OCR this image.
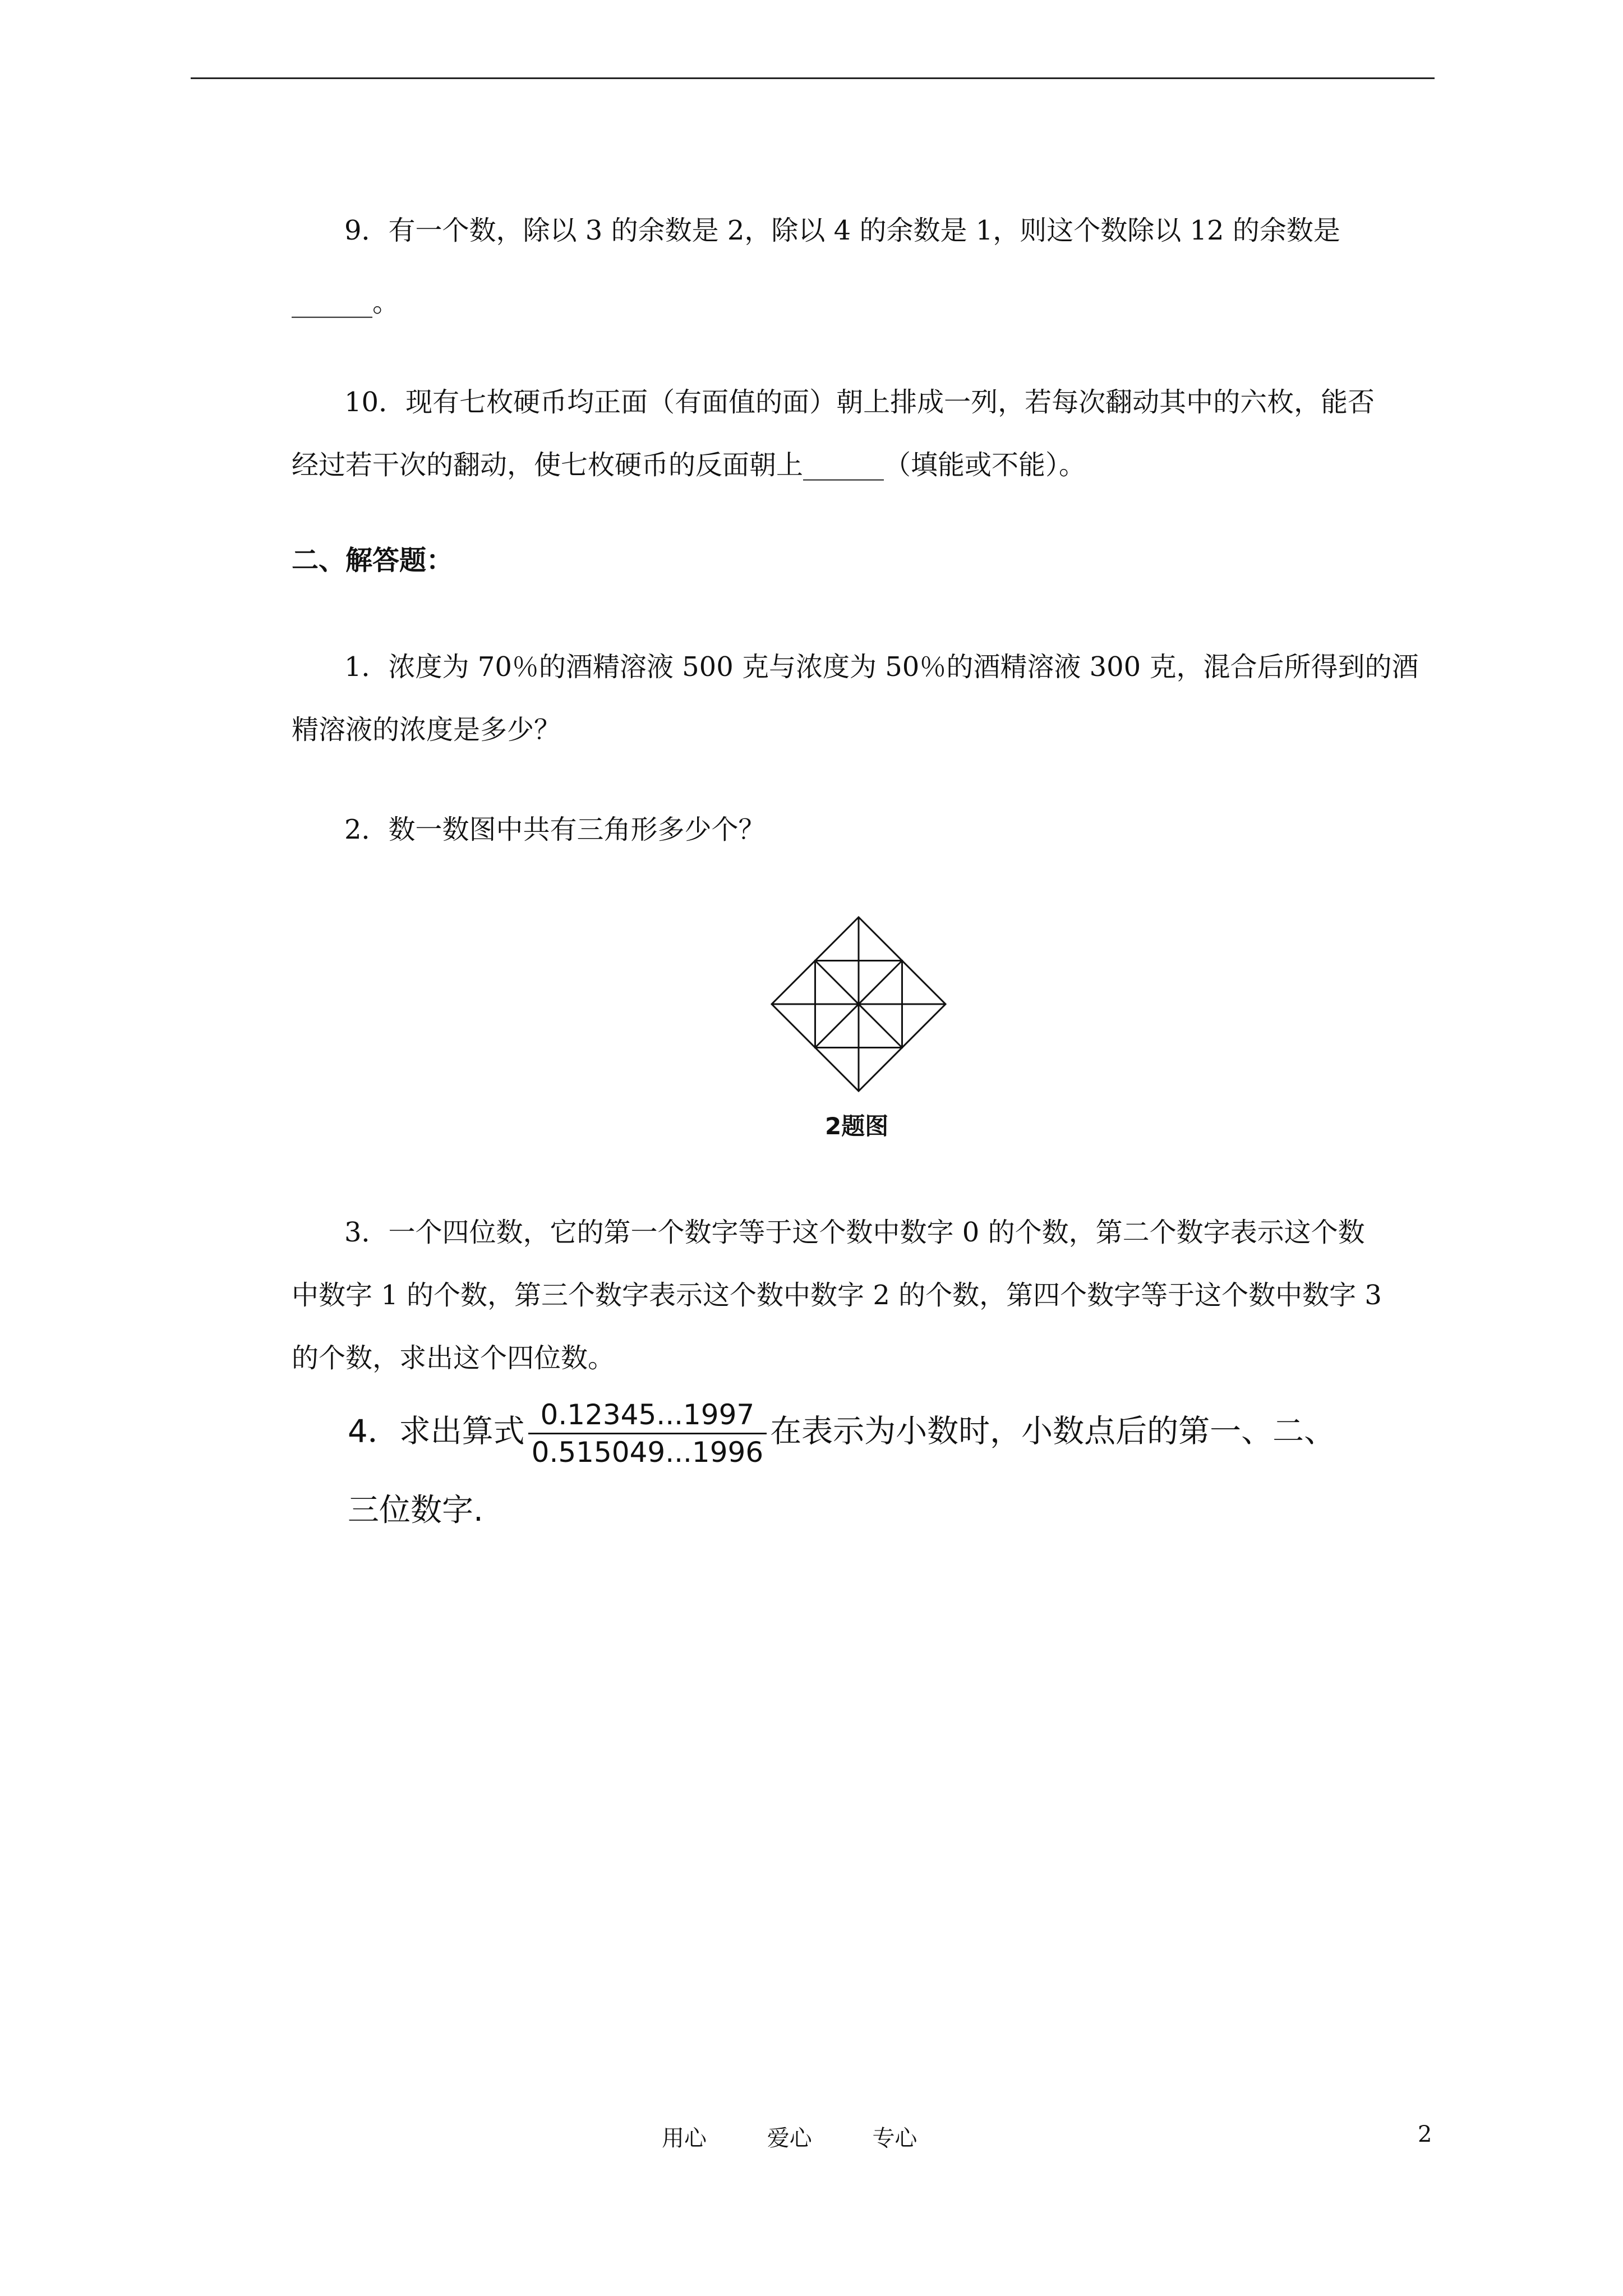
9．有一个数，除以 3 的余数是 2，除以 4 的余数是 1，则这个数除以 12 的余数是
______。
10．现有七枚硬币均正面（有面值的面）朝上排成一列，若每次翻动其中的六枚，能否
经过若干次的翻动，使七枚硬币的反面朝上______（填能或不能）。
二、解答题：
1．浓度为 70％的酒精溶液 500 克与浓度为 50％的酒精溶液 300 克，混合后所得到的酒
精溶液的浓度是多少？
2．数一数图中共有三角形多少个？
2题图
3．一个四位数，它的第一个数字等于这个数中数字 0 的个数，第二个数字表示这个数
中数字 1 的个数，第三个数字表示这个数中数字 2 的个数，第四个数字等于这个数中数字 3
的个数，求出这个四位数。
4．求出算式 $\frac{0.12345...1997}{0.515049...1996}$ 在表示为小数时，小数点后的第一、二、
三位数字.
用心	爱心	专心	2
